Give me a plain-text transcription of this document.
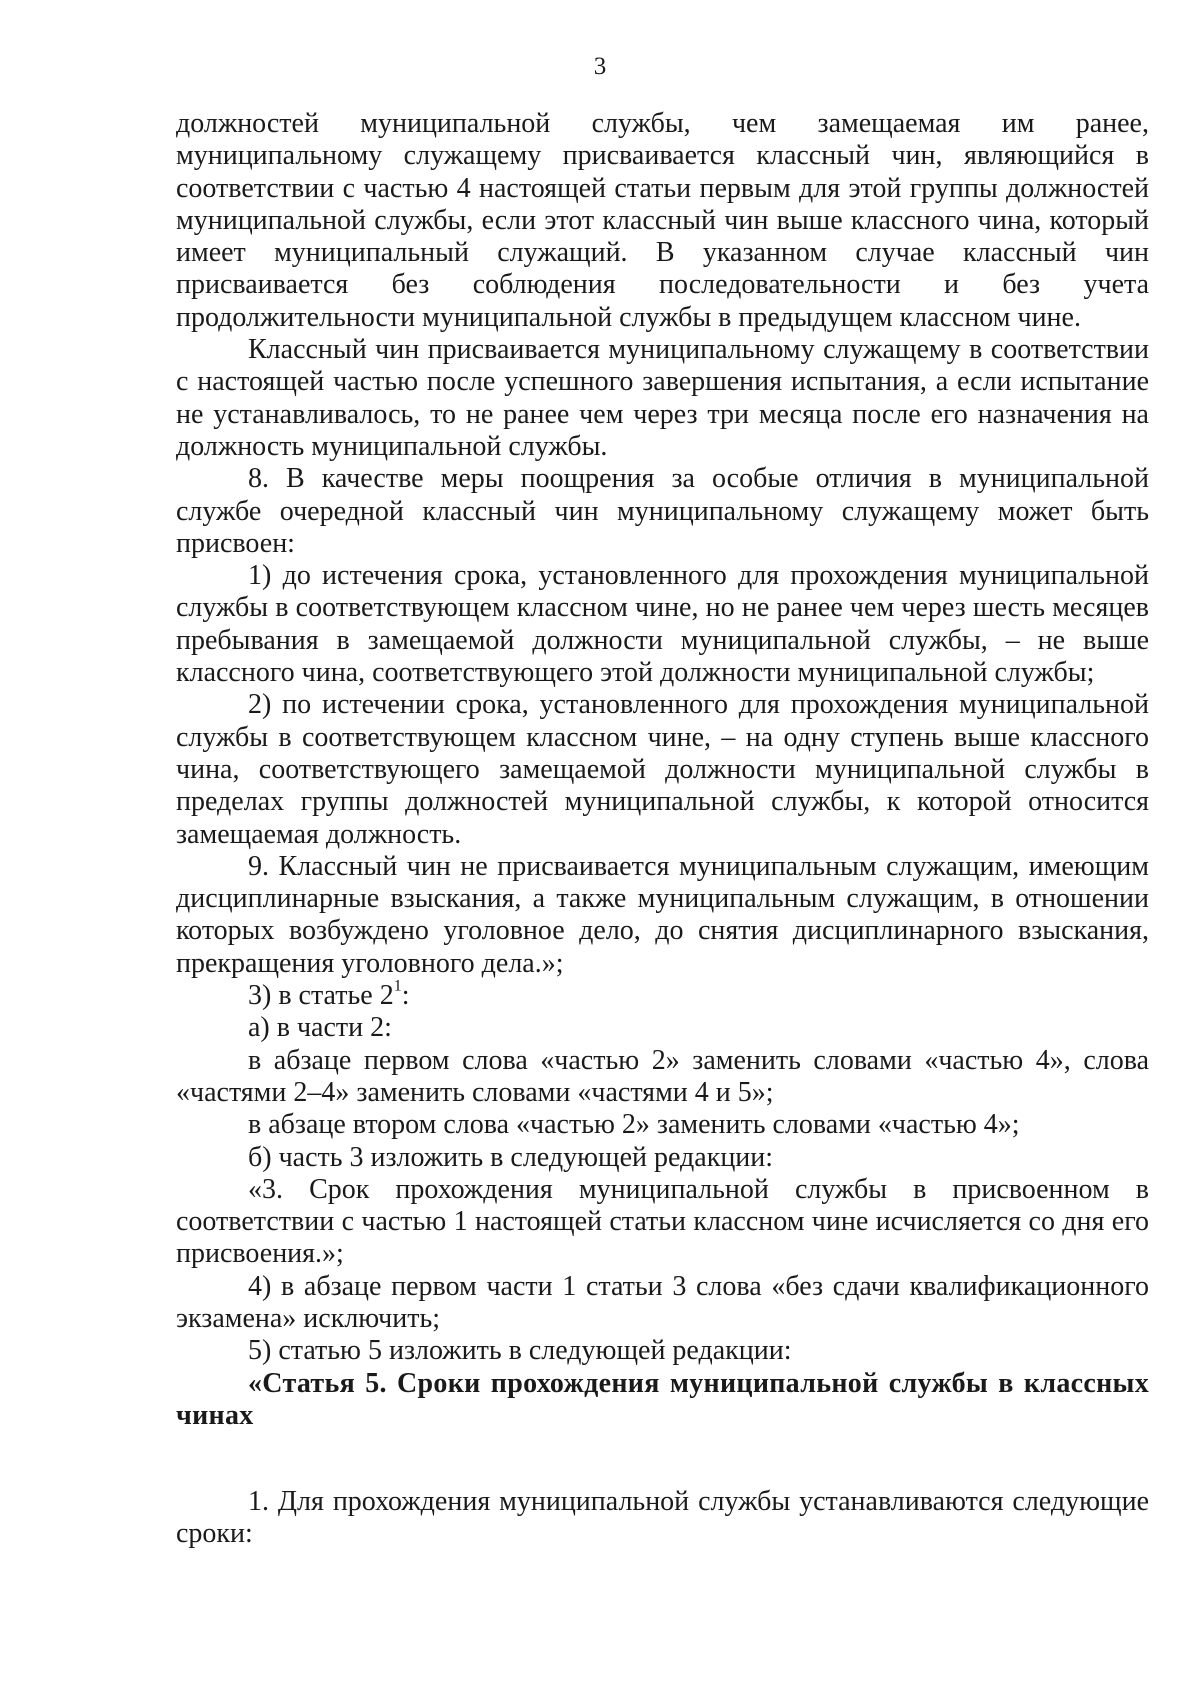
3

должностей муниципальной службы, чем замещаемая им ранее, муниципальному служащему присваивается классный чин, являющийся в соответствии с частью 4 настоящей статьи первым для этой группы должностей муниципальной службы, если этот классный чин выше классного чина, который имеет муниципальный служащий. В указанном случае классный чин присваивается без соблюдения последовательности и без учета продолжительности муниципальной службы в предыдущем классном чине.

Классный чин присваивается муниципальному служащему в соответствии с настоящей частью после успешного завершения испытания, а если испытание не устанавливалось, то не ранее чем через три месяца после его назначения на должность муниципальной службы.

8. В качестве меры поощрения за особые отличия в муниципальной службе очередной классный чин муниципальному служащему может быть присвоен:

1) до истечения срока, установленного для прохождения муниципальной службы в соответствующем классном чине, но не ранее чем через шесть месяцев пребывания в замещаемой должности муниципальной службы, – не выше классного чина, соответствующего этой должности муниципальной службы;

2) по истечении срока, установленного для прохождения муниципальной службы в соответствующем классном чине, – на одну ступень выше классного чина, соответствующего замещаемой должности муниципальной службы в пределах группы должностей муниципальной службы, к которой относится замещаемая должность.

9. Классный чин не присваивается муниципальным служащим, имеющим дисциплинарные взыскания, а также муниципальным служащим, в отношении которых возбуждено уголовное дело, до снятия дисциплинарного взыскания, прекращения уголовного дела.»;

3) в статье $2^1$:

а) в части 2:

в абзаце первом слова «частью 2» заменить словами «частью 4», слова «частями 2–4» заменить словами «частями 4 и 5»;

в абзаце втором слова «частью 2» заменить словами «частью 4»;

б) часть 3 изложить в следующей редакции:

«3. Срок прохождения муниципальной службы в присвоенном в соответствии с частью 1 настоящей статьи классном чине исчисляется со дня его присвоения.»;

4) в абзаце первом части 1 статьи 3 слова «без сдачи квалификационного экзамена» исключить;

5) статью 5 изложить в следующей редакции:

«Статья 5. Сроки прохождения муниципальной службы в классных чинах

1. Для прохождения муниципальной службы устанавливаются следующие сроки:
